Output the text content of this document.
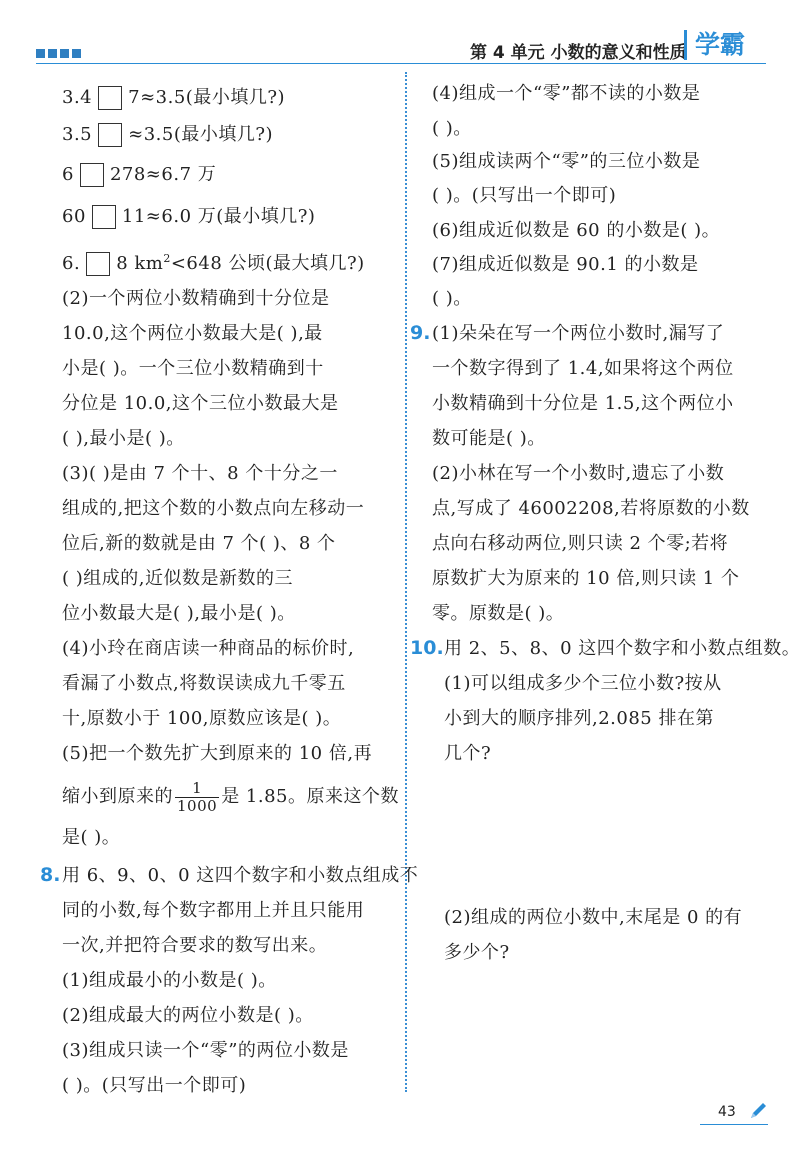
第 4 单元 小数的意义和性质 学霸
3.4 7≈3.5(最小填几?)
3.5 ≈3.5(最小填几?)
6 278≈6.7 万
60 11≈6.0 万(最小填几?)
6. 8 $km^2<648$ 公顷(最大填几?)
(2)一个两位小数精确到十分位是
10.0,这个两位小数最大是( ),最
小是( )。一个三位小数精确到十
分位是 10.0,这个三位小数最大是
( ),最小是( )。
(3)( )是由 7 个十、8 个十分之一
组成的,把这个数的小数点向左移动一
位后,新的数就是由 7 个( )、8 个
( )组成的,近似数是新数的三
位小数最大是( ),最小是( )。
(4)小玲在商店读一种商品的标价时,
看漏了小数点,将数误读成九千零五
十,原数小于 100,原数应该是( )。
(5)把一个数先扩大到原来的 10 倍,再
缩小到原来的 $\frac{1}{1000}$ 是 1.85。原来这个数
是( )。
8. 用 6、9、0、0 这四个数字和小数点组成不
同的小数,每个数字都用上并且只能用
一次,并把符合要求的数写出来。
(1)组成最小的小数是( )。
(2)组成最大的两位小数是( )。
(3)组成只读一个“零”的两位小数是
( )。(只写出一个即可)
(4)组成一个“零”都不读的小数是
( )。
(5)组成读两个“零”的三位小数是
( )。(只写出一个即可)
(6)组成近似数是 60 的小数是( )。
(7)组成近似数是 90.1 的小数是
( )。
9. (1)朵朵在写一个两位小数时,漏写了
一个数字得到了 1.4,如果将这个两位
小数精确到十分位是 1.5,这个两位小
数可能是( )。
(2)小林在写一个小数时,遗忘了小数
点,写成了 46002208,若将原数的小数
点向右移动两位,则只读 2 个零;若将
原数扩大为原来的 10 倍,则只读 1 个
零。原数是( )。
10. 用 2、5、8、0 这四个数字和小数点组数。
(1)可以组成多少个三位小数?按从
小到大的顺序排列,2.085 排在第
几个?
(2)组成的两位小数中,末尾是 0 的有
多少个?
43
